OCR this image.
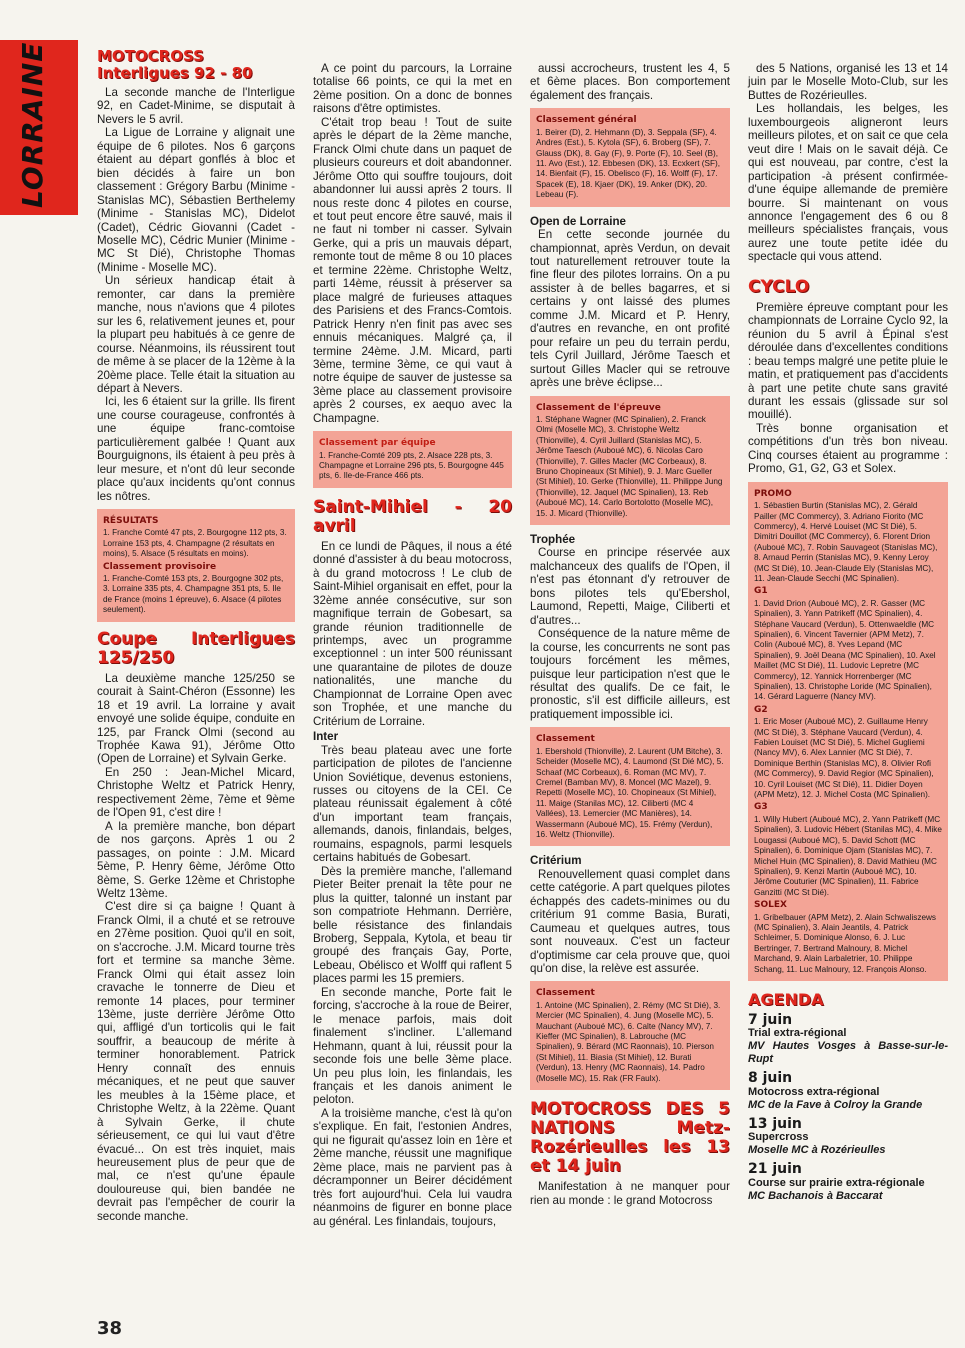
LORRAINE	MOTOCROSS
Interligues 92 - 80

La seconde manche de l'Interligue 92, en Cadet-Minime, se disputait à Nevers le 5 avril.

La Ligue de Lorraine y alignait une équipe de 6 pilotes. Nos 6 garçons étaient au départ gonflés à bloc et bien décidés à faire un bon classement : Grégory Barbu (Minime - Stanislas MC), Sébastien Berthelemy (Minime - Stanislas MC), Didelot (Cadet), Cédric Giovanni (Cadet - Moselle MC), Cédric Munier (Minime - MC St Dié), Christophe Thomas (Minime - Moselle MC).

Un sérieux handicap était à remonter, car dans la première manche, nous n'avions que 4 pilotes sur les 6, relativement jeunes et, pour la plupart peu habitués à ce genre de course. Néanmoins, ils réussirent tout de même à se placer de la 12ème à la 20ème place. Telle était la situation au départ à Nevers.

Ici, les 6 étaient sur la grille. Ils firent une course courageuse, confrontés à une équipe franc-comtoise particulièrement galbée ! Quant aux Bourguignons, ils étaient à peu près à leur mesure, et n'ont dû leur seconde place qu'aux incidents qu'ont connus les nôtres.

RÉSULTATS

1. Franche Comté 47 pts, 2. Bourgogne 112 pts, 3. Lorraine 153 pts, 4. Champagne (2 résultats en moins), 5. Alsace (5 résultats en moins).

Classement provisoire

1. Franche-Comté 153 pts, 2. Bourgogne 302 pts, 3. Lorraine 335 pts, 4. Champagne 351 pts, 5. Ile de France (moins 1 épreuve), 6. Alsace (4 pilotes seulement).

Coupe Interligues 125/250

La deuxième manche 125/250 se courait à Saint-Chéron (Essonne) les 18 et 19 avril. La lorraine y avait envoyé une solide équipe, conduite en 125, par Franck Olmi (second au Trophée Kawa 91), Jérôme Otto (Open de Lorraine) et Sylvain Gerke.

En 250 : Jean-Michel Micard, Christophe Weltz et Patrick Henry, respectivement 2ème, 7ème et 9ème de l'Open 91, c'est dire !

A la première manche, bon départ de nos garçons. Après 1 ou 2 passages, on pointe : J.M. Micard 5ème, P. Henry 6ème, Jérôme Otto 8ème, S. Gerke 12ème et Christophe Weltz 13ème.

C'est dire si ça baigne ! Quant à Franck Olmi, il a chuté et se retrouve en 27ème position. Quoi qu'il en soit, on s'accroche. J.M. Micard tourne très fort et termine sa manche 3ème. Franck Olmi qui était assez loin cravache le tonnerre de Dieu et remonte 14 places, pour terminer 13ème, juste derrière Jérôme Otto qui, affligé d'un torticolis qui le fait souffrir, a beaucoup de mérite à terminer honorablement. Patrick Henry connaît des ennuis mécaniques, et ne peut que sauver les meubles à la 15ème place, et Christophe Weltz, à la 22ème. Quant à Sylvain Gerke, il chute sérieusement, ce qui lui vaut d'être évacué... On est très inquiet, mais heureusement plus de peur que de mal, ce n'est qu'une épaule douloureuse qui, bien bandée ne devrait pas l'empêcher de courir la seconde manche.

A ce point du parcours, la Lorraine totalise 66 points, ce qui la met en 2ème position. On a donc de bonnes raisons d'être optimistes.

C'était trop beau ! Tout de suite après le départ de la 2ème manche, Franck Olmi chute dans un paquet de plusieurs coureurs et doit abandonner. Jérôme Otto qui souffre toujours, doit abandonner lui aussi après 2 tours. Il nous reste donc 4 pilotes en course, et tout peut encore être sauvé, mais il ne faut ni tomber ni casser. Sylvain Gerke, qui a pris un mauvais départ, remonte tout de même 8 ou 10 places et termine 22ème. Christophe Weltz, parti 14ème, réussit à préserver sa place malgré de furieuses attaques des Parisiens et des Francs-Comtois. Patrick Henry n'en finit pas avec ses ennuis mécaniques. Malgré ça, il termine 24ème. J.M. Micard, parti 3ème, termine 3ème, ce qui vaut à notre équipe de sauver de justesse sa 3ème place au classement provisoire après 2 courses, ex aequo avec la Champagne.

Classement par équipe

1. Franche-Comté 209 pts, 2. Alsace 228 pts, 3. Champagne et Lorraine 296 pts, 5. Bourgogne 445 pts, 6. Ile-de-France 466 pts.

Saint-Mihiel - 20 avril

En ce lundi de Pâques, il nous a été donné d'assister à du beau motocross, à du grand motocross ! Le club de Saint-Mihiel organisait en effet, pour la 32ème année consécutive, sur son magnifique terrain de Gobesart, sa grande réunion traditionnelle de printemps, avec un programme exceptionnel : un inter 500 réunissant une quarantaine de pilotes de douze nationalités, une manche du Championnat de Lorraine Open avec son Trophée, et une manche du Critérium de Lorraine.

Inter

Très beau plateau avec une forte participation de pilotes de l'ancienne Union Soviétique, devenus estoniens, russes ou citoyens de la CEI. Ce plateau réunissait également à côté d'un important team français, allemands, danois, finlandais, belges, roumains, espagnols, parmi lesquels certains habitués de Gobesart.

Dès la première manche, l'allemand Pieter Beiter prenait la tête pour ne plus la quitter, talonné un instant par son compatriote Hehmann. Derrière, belle résistance des finlandais Broberg, Seppala, Kytola, et beau tir groupé des français Gay, Porte, Lebeau, Obélisco et Wolff qui raflent 5 places parmi les 15 premiers.

En seconde manche, Porte fait le forcing, s'accroche à la roue de Beirer, le menace parfois, mais doit finalement s'incliner. L'allemand Hehmann, quant à lui, réussit pour la seconde fois une belle 3ème place. Un peu plus loin, les finlandais, les français et les danois animent le peloton.

A la troisième manche, c'est là qu'on s'explique. En fait, l'estonien Andres, qui ne figurait qu'assez loin en 1ère et 2ème manche, réussit une magnifique 2ème place, mais ne parvient pas à décramponner un Beirer décidément très fort aujourd'hui. Cela lui vaudra néanmoins de figurer en bonne place au général. Les finlandais, toujours,

aussi accrocheurs, trustent les 4, 5 et 6ème places. Bon comportement également des français.

Classement général

1. Beirer (D), 2. Hehmann (D), 3. Seppala (SF), 4. Andres (Est.), 5. Kytola (SF), 6. Broberg (SF), 7. Glauss (DK), 8. Gay (F), 9. Porte (F), 10. Seel (B), 11. Avo (Est.), 12. Ebbesen (DK), 13. Ecxkert (SF), 14. Bienfait (F), 15. Obelisco (F), 16. Wolff (F), 17. Spacek (E), 18. Kjaer (DK), 19. Anker (DK), 20. Lebeau (F).

Open de Lorraine

En cette seconde journée du championnat, après Verdun, on devait tout naturellement retrouver toute la fine fleur des pilotes lorrains. On a pu assister à de belles bagarres, et si certains y ont laissé des plumes comme J.M. Micard et P. Henry, d'autres en revanche, en ont profité pour refaire un peu du terrain perdu, tels Cyril Juillard, Jérôme Taesch et surtout Gilles Macler qui se retrouve après une brève éclipse...

Classement de l'épreuve

1. Stéphane Wagner (MC Spinalien), 2. Franck Olmi (Moselle MC), 3. Christophe Weltz (Thionville), 4. Cyril Juillard (Stanislas MC), 5. Jérôme Taesch (Auboué MC), 6. Nicolas Caro (Thionville), 7. Gilles Macler (MC Corbeaux), 8. Bruno Chopineaux (St Mihiel), 9. J. Marc Gueller (St Mihiel), 10. Gerke (Thionville), 11. Philippe Jung (Thionville), 12. Jaquel (MC Spinalien), 13. Reb (Auboué MC), 14. Carlo Bortolotto (Moselle MC), 15. J. Micard (Thionville).

Trophée

Course en principe réservée aux malchanceux des qualifs de l'Open, il n'est pas étonnant d'y retrouver de bons pilotes tels qu'Ebershol, Laumond, Repetti, Maige, Ciliberti et d'autres...

Conséquence de la nature même de la course, les concurrents ne sont pas toujours forcément les mêmes, puisque leur participation n'est que le résultat des qualifs. De ce fait, le pronostic, s'il est difficile ailleurs, est pratiquement impossible ici.

Classement

1. Ebershold (Thionville), 2. Laurent (UM Bitche), 3. Scheider (Moselle MC), 4. Laumond (St Dié MC), 5. Schaaf (MC Corbeaux), 6. Roman (MC MV), 7. Cremel (Bamban MV), 8. Moncel (MC Mazel), 9. Repetti (Moselle MC), 10. Chopineaux (St Mihiel), 11. Maige (Stanilas MC), 12. Ciliberti (MC 4 Vallées), 13. Lemercier (MC Manières), 14. Wassermann (Auboué MC), 15. Frémy (Verdun), 16. Weltz (Thionville).

Critérium

Renouvellement quasi complet dans cette catégorie. A part quelques pilotes échappés des cadets-minimes ou du critérium 91 comme Basia, Burati, Caumeau et quelques autres, tous sont nouveaux. C'est un facteur d'optimisme car cela prouve que, quoi qu'on dise, la relève est assurée.

Classement

1. Antoine (MC Spinalien), 2. Rémy (MC St Dié), 3. Mercier (MC Spinalien), 4. Jung (Moselle MC), 5. Mauchant (Auboué MC), 6. Calte (Nancy MV), 7. Kieffer (MC Spinalien), 8. Labrouche (MC Spinalien), 9. Bérard (MC Raonnais), 10. Pierson (St Mihiel), 11. Biasia (St Mihiel), 12. Burati (Verdun), 13. Henry (MC Raonnais), 14. Padro (Moselle MC), 15. Rak (FR Faulx).

MOTOCROSS DES 5 NATIONS Metz-Rozérieulles les 13 et 14 juin

Manifestation à ne manquer pour rien au monde : le grand Motocross

des 5 Nations, organisé les 13 et 14 juin par le Moselle Moto-Club, sur les Buttes de Rozérieulles.

Les hollandais, les belges, les luxembourgeois aligneront leurs meilleurs pilotes, et on sait ce que cela veut dire ! Mais on le savait déjà. Ce qui est nouveau, par contre, c'est la participation -à présent confirmée- d'une équipe allemande de première bourre. Si maintenant on vous annonce l'engagement des 6 ou 8 meilleurs spécialistes français, vous aurez une toute petite idée du spectacle qui vous attend.

CYCLO

Première épreuve comptant pour les championnats de Lorraine Cyclo 92, la réunion du 5 avril à Épinal s'est déroulée dans d'excellentes conditions : beau temps malgré une petite pluie le matin, et pratiquement pas d'accidents à part une petite chute sans gravité durant les essais (glissade sur sol mouillé).

Très bonne organisation et compétitions d'un très bon niveau. Cinq courses étaient au programme : Promo, G1, G2, G3 et Solex.

PROMO

1. Sébastien Burtin (Stanislas MC), 2. Gérald Pailler (MC Commercy), 3. Adriano Fiorito (MC Commercy), 4. Hervé Louiset (MC St Dié), 5. Dimitri Douillot (MC Commercy), 6. Florent Drion (Auboué MC), 7. Robin Sauvageot (Stanislas MC), 8. Arnaud Perrin (Stanislas MC), 9. Kenny Leroy (MC St Dié), 10. Jean-Claude Ely (Stanislas MC), 11. Jean-Claude Secchi (MC Spinalien).

G1

1. David Drion (Auboué MC), 2. R. Gasser (MC Spinalien), 3. Yann Patrikeff (MC Spinalien), 4. Stéphane Vaucard (Verdun), 5. Ottenwaeldle (MC Spinalien), 6. Vincent Tavernier (APM Metz), 7. Colin (Auboué MC), 8. Yves Lepand (MC Spinalien), 9. Joël Deana (MC Spinalien), 10. Axel Maillet (MC St Dié), 11. Ludovic Lepretre (MC Commercy), 12. Yannick Horrenberger (MC Spinalien), 13. Christophe Loride (MC Spinalien), 14. Gérard Laguerre (Nancy MV).

G2

1. Eric Moser (Auboué MC), 2. Guillaume Henry (MC St Dié), 3. Stéphane Vaucard (Verdun), 4. Fabien Louiset (MC St Dié), 5. Michel Gugliemi (Nancy MV), 6. Alex Lannier (MC St Dié), 7. Dominique Berthin (Stanislas MC), 8. Olivier Rofi (MC Commercy), 9. David Regior (MC Spinalien), 10. Cyril Louiset (MC St Dié), 11. Didier Doyen (APM Metz), 12. J. Michel Costa (MC Spinalien).

G3

1. Willy Hubert (Auboué MC), 2. Yann Patrikeff (MC Spinalien), 3. Ludovic Hébert (Stanilas MC), 4. Mike Lougassi (Auboué MC), 5. David Schott (MC Spinalien), 6. Dominique Ojam (Stanislas MC), 7. Michel Huin (MC Spinalien), 8. David Mathieu (MC Spinalien), 9. Kenzi Martin (Auboué MC), 10. Jérôme Couturier (MC Spinalien), 11. Fabrice Ganzitti (MC St Dié).

SOLEX

1. Gribelbauer (APM Metz), 2. Alain Schwaliszews (MC Spinalien), 3. Alain Jeantils, 4. Patrick Schleimer, 5. Dominique Alonso, 6. J. Luc Bertringer, 7. Bertrand Malnoury, 8. Michel Marchand, 9. Alain Larbaletrier, 10. Philippe Schang, 11. Luc Malnoury, 12. François Alonso.

AGENDA
7 juin
Trial extra-régional
MV Hautes Vosges à Basse-sur-le-Rupt
8 juin
Motocross extra-régional
MC de la Fave à Colroy la Grande
13 juin
Supercross
Moselle MC à Rozérieulles
21 juin
Course sur prairie extra-régionale
MC Bachanois à Baccarat
38
